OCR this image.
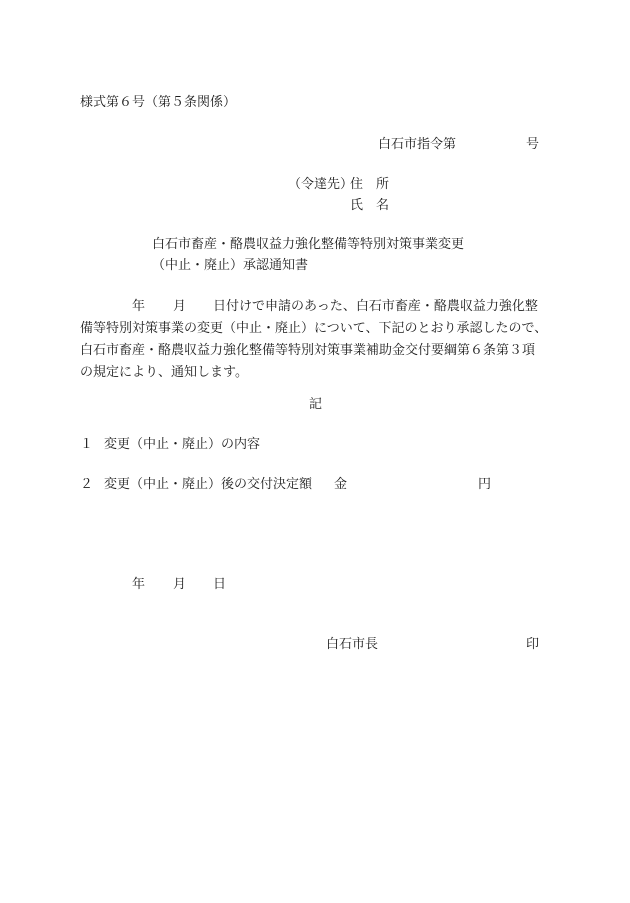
様式第６号（第５条関係）
白石市指令第	号
（令達先）
住　所
氏　名
白石市畜産・酪農収益力強化整備等特別対策事業変更
（中止・廃止）承認通知書
年 月 日付けで申請のあった、白石市畜産・酪農収益力強化整
備等特別対策事業の変更（中止・廃止）について、下記のとおり承認したので、
白石市畜産・酪農収益力強化整備等特別対策事業補助金交付要綱第６条第３項
の規定により、通知します。
記
１ 変更（中止・廃止）の内容
２ 変更（中止・廃止）後の交付決定額 金	円
年 月 日
白石市長	印
